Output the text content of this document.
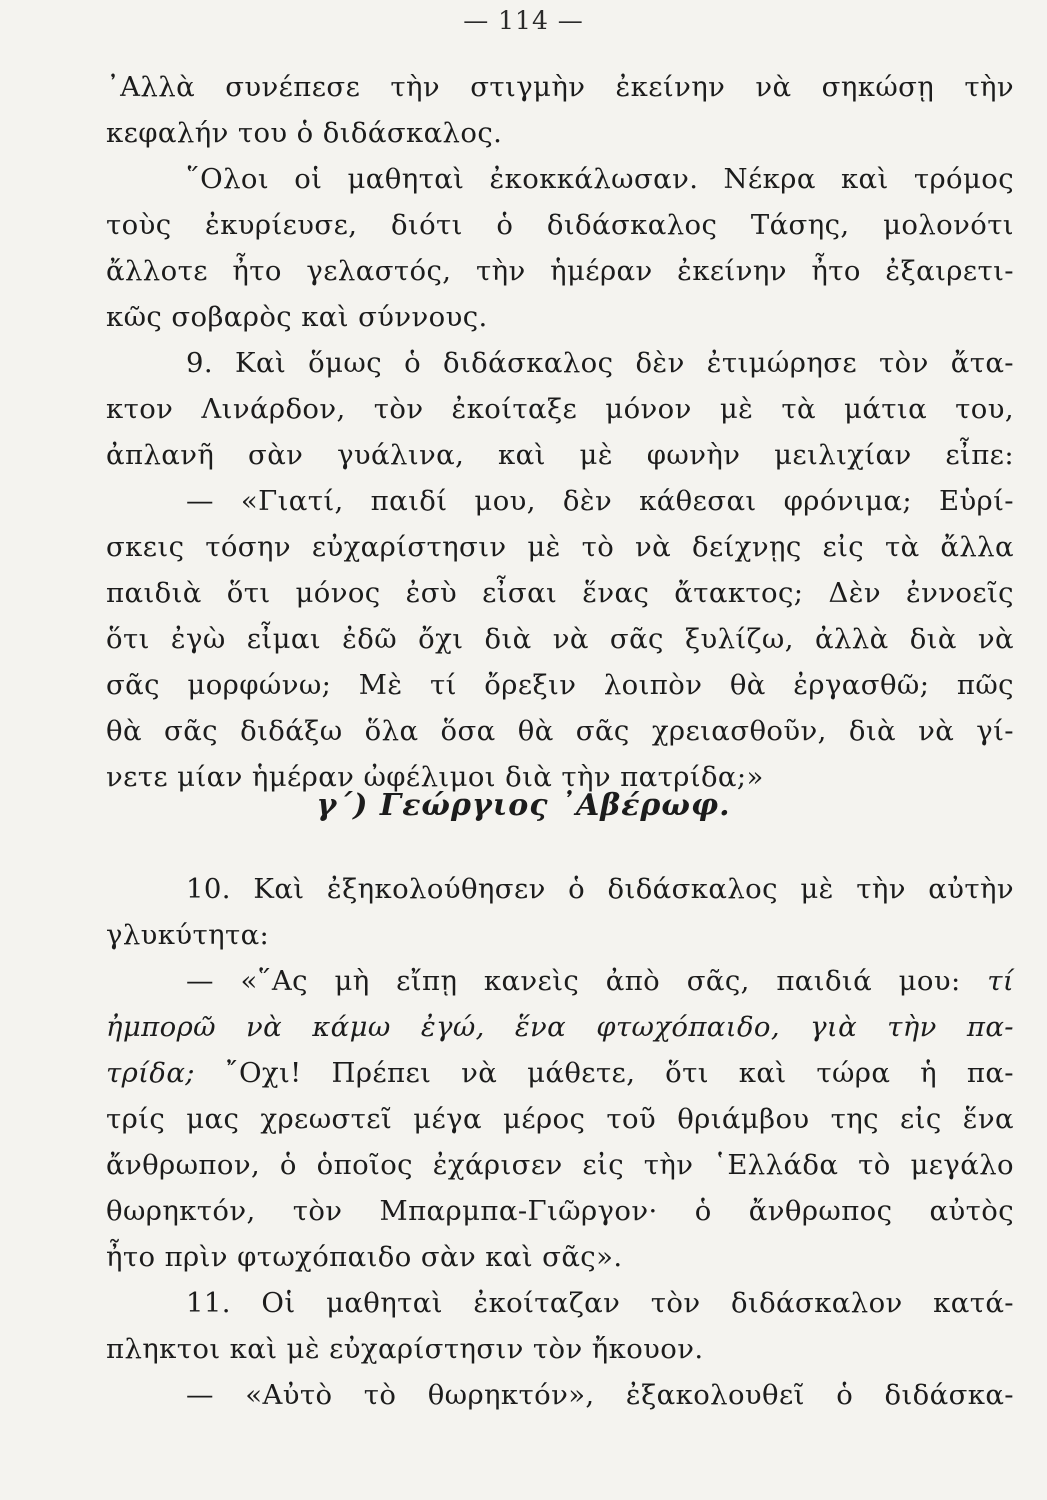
— 114 —
᾿Αλλὰ συνέπεσε τὴν στιγμὴν ἐκείνην νὰ σηκώσῃ τὴν
κεφαλήν του ὁ διδάσκαλος.
῞Ολοι οἱ μαθηταὶ ἐκοκκάλωσαν. Νέκρα καὶ τρόμος
τοὺς ἐκυρίευσε, διότι ὁ διδάσκαλος Τάσης, μολονότι
ἄλλοτε ἦτο γελαστός, τὴν ἡμέραν ἐκείνην ἦτο ἐξαιρετι-
κῶς σοβαρὸς καὶ σύννους.
9. Καὶ ὅμως ὁ διδάσκαλος δὲν ἐτιμώρησε τὸν ἄτα-
κτον Λινάρδον, τὸν ἐκοίταξε μόνον μὲ τὰ μάτια του,
ἀπλανῆ σὰν γυάλινα, καὶ μὲ φωνὴν μειλιχίαν εἶπε:
— «Γιατί, παιδί μου, δὲν κάθεσαι φρόνιμα; Εὑρί-
σκεις τόσην εὐχαρίστησιν μὲ τὸ νὰ δείχνῃς εἰς τὰ ἄλλα
παιδιὰ ὅτι μόνος ἐσὺ εἶσαι ἕνας ἄτακτος; Δὲν ἐννοεῖς
ὅτι ἐγὼ εἶμαι ἐδῶ ὄχι διὰ νὰ σᾶς ξυλίζω, ἀλλὰ διὰ νὰ
σᾶς μορφώνω; Μὲ τί ὄρεξιν λοιπὸν θὰ ἐργασθῶ; πῶς
θὰ σᾶς διδάξω ὅλα ὅσα θὰ σᾶς χρειασθοῦν, διὰ νὰ γί-
νετε μίαν ἡμέραν ὠφέλιμοι διὰ τὴν πατρίδα;»
γ΄) Γεώργιος ᾿Αβέρωφ.
10. Καὶ ἐξηκολούθησεν ὁ διδάσκαλος μὲ τὴν αὐτὴν
γλυκύτητα:
— «῞Ας μὴ εἴπῃ κανεὶς ἀπὸ σᾶς, παιδιά μου: τί
ἠμπορῶ νὰ κάμω ἐγώ, ἕνα φτωχόπαιδο, γιὰ τὴν πα-
τρίδα; ῎Οχι! Πρέπει νὰ μάθετε, ὅτι καὶ τώρα ἡ πα-
τρίς μας χρεωστεῖ μέγα μέρος τοῦ θριάμβου της εἰς ἕνα
ἄνθρωπον, ὁ ὁποῖος ἐχάρισεν εἰς τὴν ῾Ελλάδα τὸ μεγάλο
θωρηκτόν, τὸν Μπαρμπα-Γιῶργον· ὁ ἄνθρωπος αὐτὸς
ἦτο πρὶν φτωχόπαιδο σὰν καὶ σᾶς».
11. Οἱ μαθηταὶ ἐκοίταζαν τὸν διδάσκαλον κατά-
πληκτοι καὶ μὲ εὐχαρίστησιν τὸν ἤκουον.
— «Αὐτὸ τὸ θωρηκτόν», ἐξακολουθεῖ ὁ διδάσκα-
